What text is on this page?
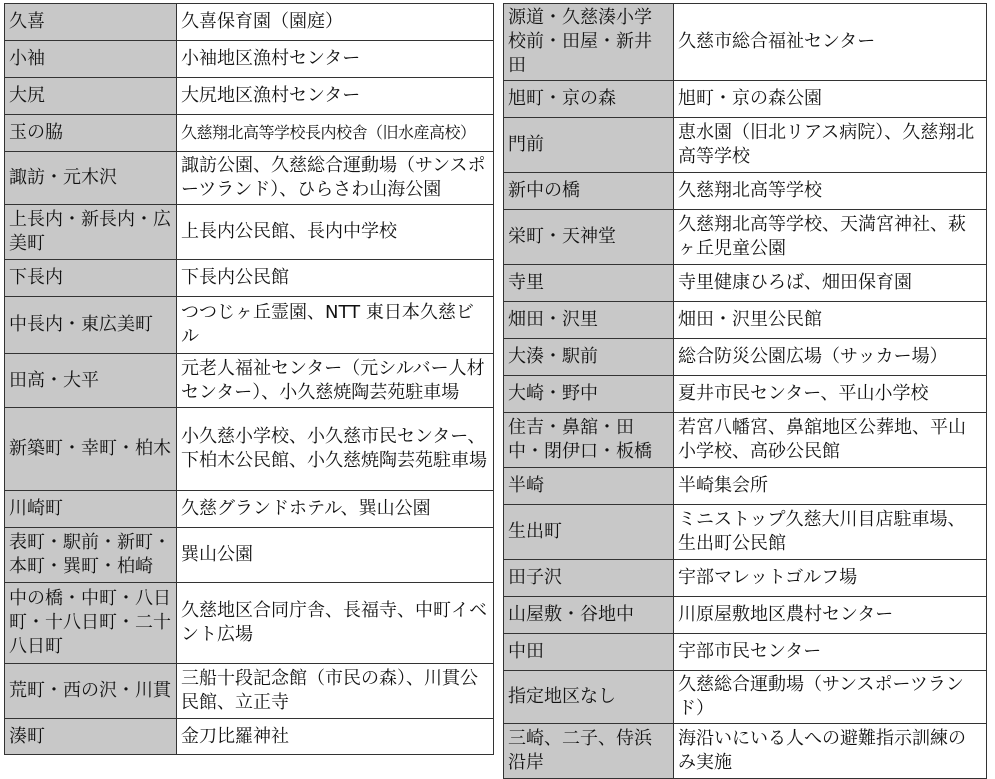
久喜	久喜保育園（園庭）
小袖	小袖地区漁村センター
大尻	大尻地区漁村センター
玉の脇	久慈翔北高等学校長内校舎（旧水産高校）
諏訪・元木沢	諏訪公園、久慈総合運動場（サンスポーツランド）、ひらさわ山海公園
上長内・新長内・広美町	上長内公民館、長内中学校
下長内	下長内公民館
中長内・東広美町	つつじヶ丘霊園、NTT 東日本久慈ビル
田高・大平	元老人福祉センター（元シルバー人材センター）、小久慈焼陶芸苑駐車場
新築町・幸町・柏木	小久慈小学校、小久慈市民センター、下柏木公民館、小久慈焼陶芸苑駐車場
川崎町	久慈グランドホテル、巽山公園
表町・駅前・新町・本町・巽町・柏崎	巽山公園
中の橋・中町・八日町・十八日町・二十八日町	久慈地区合同庁舎、長福寺、中町イベント広場
荒町・西の沢・川貫	三船十段記念館（市民の森）、川貫公民館、立正寺
湊町	金刀比羅神社
源道・久慈湊小学校前・田屋・新井田	久慈市総合福祉センター
旭町・京の森	旭町・京の森公園
門前	恵水園（旧北リアス病院）、久慈翔北高等学校
新中の橋	久慈翔北高等学校
栄町・天神堂	久慈翔北高等学校、天満宮神社、萩ヶ丘児童公園
寺里	寺里健康ひろば、畑田保育園
畑田・沢里	畑田・沢里公民館
大湊・駅前	総合防災公園広場（サッカー場）
大崎・野中	夏井市民センター、平山小学校
住吉・鼻舘・田中・閉伊口・板橋	若宮八幡宮、鼻舘地区公葬地、平山小学校、高砂公民館
半崎	半崎集会所
生出町	ミニストップ久慈大川目店駐車場、生出町公民館
田子沢	宇部マレットゴルフ場
山屋敷・谷地中	川原屋敷地区農村センター
中田	宇部市民センター
指定地区なし	久慈総合運動場（サンスポーツランド）
三崎、二子、侍浜沿岸	海沿いにいる人への避難指示訓練のみ実施
